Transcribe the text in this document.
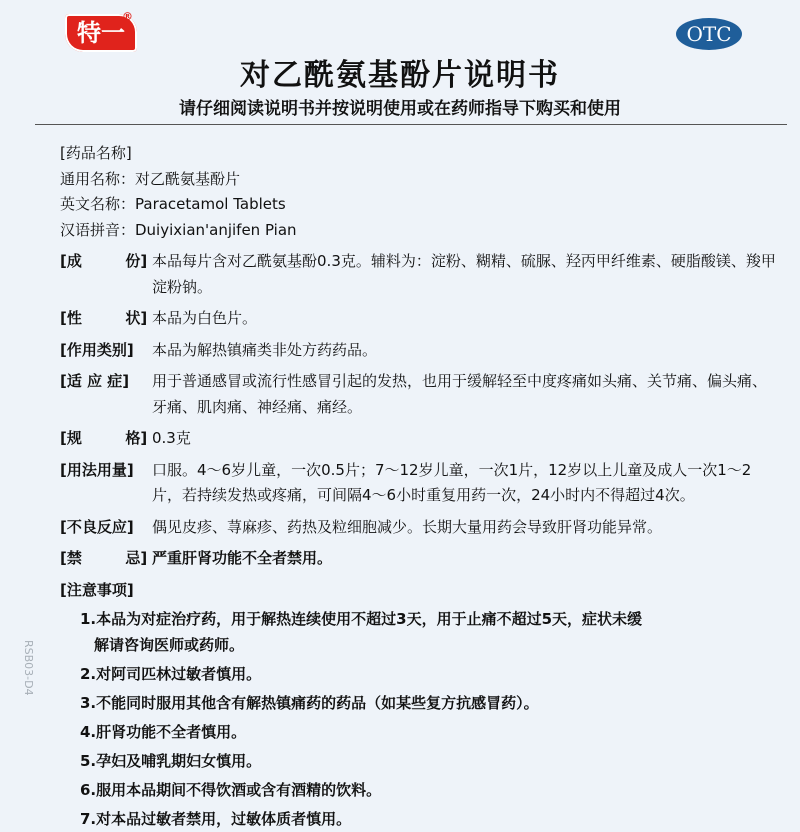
特一
®
OTC
对乙酰氨基酚片说明书
请仔细阅读说明书并按说明使用或在药师指导下购买和使用
[药品名称]
通用名称：对乙酰氨基酚片
英文名称：Paracetamol Tablets
汉语拼音：Duiyixian'anjifen Pian
[成	份] 本品每片含对乙酰氨基酚0.3克。辅料为：淀粉、糊精、硫脲、羟丙甲纤维素、硬脂酸镁、羧甲淀粉钠。
[性	状] 本品为白色片。
[作用类别]	本品为解热镇痛类非处方药药品。
[适 应 症]	用于普通感冒或流行性感冒引起的发热，也用于缓解轻至中度疼痛如头痛、关节痛、偏头痛、牙痛、肌肉痛、神经痛、痛经。
[规	格] 0.3克
[用法用量]	口服。4～6岁儿童，一次0.5片；7～12岁儿童，一次1片，12岁以上儿童及成人一次1～2片，若持续发热或疼痛，可间隔4～6小时重复用药一次，24小时内不得超过4次。
[不良反应]	偶见皮疹、荨麻疹、药热及粒细胞减少。长期大量用药会导致肝肾功能异常。
[禁	忌] 严重肝肾功能不全者禁用。
[注意事项]
1.本品为对症治疗药，用于解热连续使用不超过3天，用于止痛不超过5天，症状未缓
解请咨询医师或药师。
2.对阿司匹林过敏者慎用。
3.不能同时服用其他含有解热镇痛药的药品（如某些复方抗感冒药）。
4.肝肾功能不全者慎用。
5.孕妇及哺乳期妇女慎用。
6.服用本品期间不得饮酒或含有酒精的饮料。
7.对本品过敏者禁用，过敏体质者慎用。
RSB03-D4
